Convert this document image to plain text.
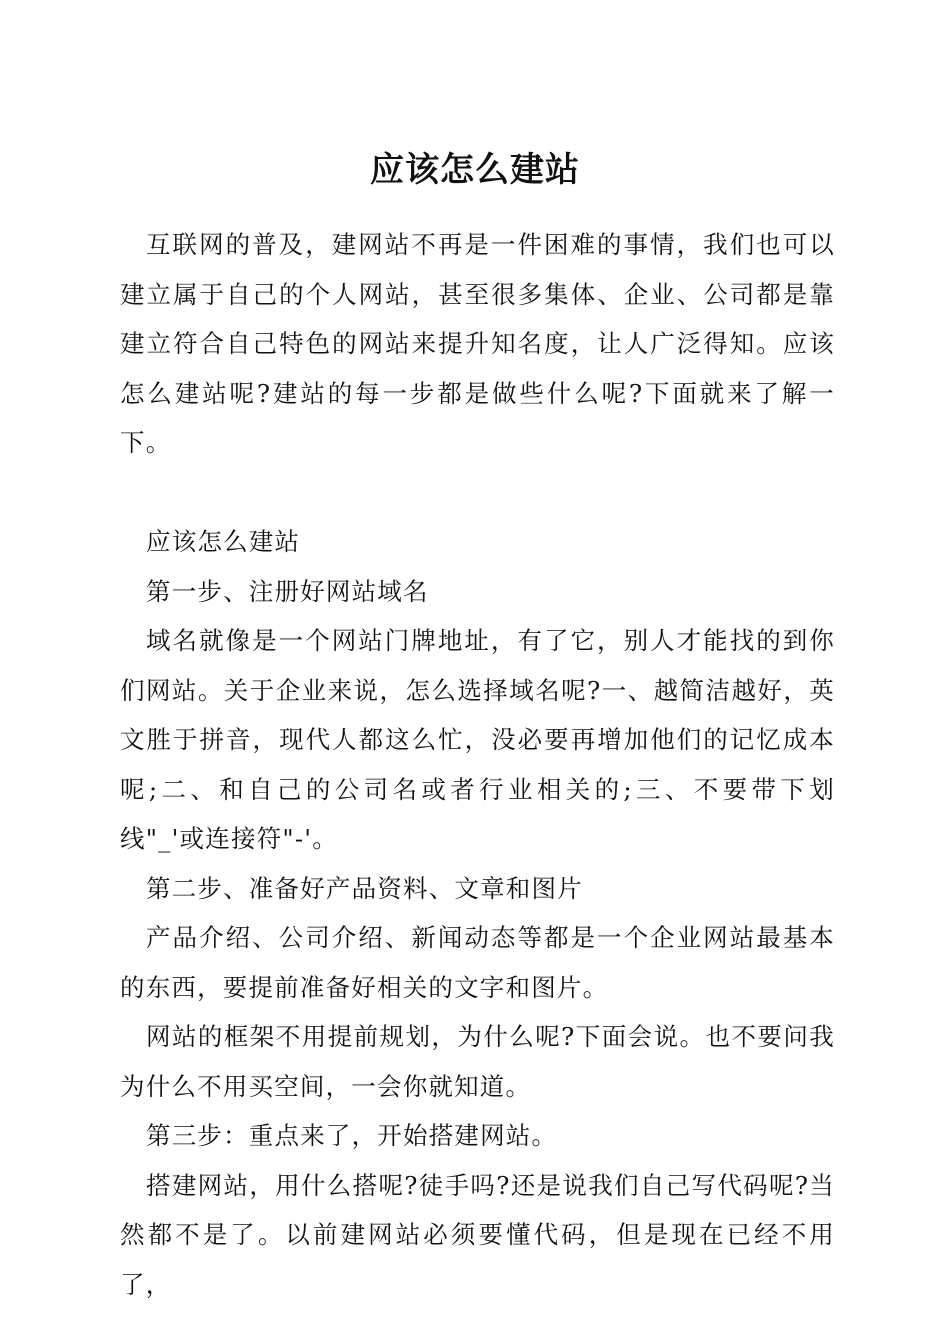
应该怎么建站

互联网的普及，建网站不再是一件困难的事情，我们也可以建立属于自己的个人网站，甚至很多集体、企业、公司都是靠建立符合自己特色的网站来提升知名度，让人广泛得知。应该怎么建站呢?建站的每一步都是做些什么呢?下面就来了解一下。

应该怎么建站

第一步、注册好网站域名

域名就像是一个网站门牌地址，有了它，别人才能找的到你们网站。关于企业来说，怎么选择域名呢?一、越简洁越好，英文胜于拼音，现代人都这么忙，没必要再增加他们的记忆成本呢;二、和自己的公司名或者行业相关的;三、不要带下划线"_'或连接符"-'。

第二步、准备好产品资料、文章和图片

产品介绍、公司介绍、新闻动态等都是一个企业网站最基本的东西，要提前准备好相关的文字和图片。

网站的框架不用提前规划，为什么呢?下面会说。也不要问我为什么不用买空间，一会你就知道。

第三步：重点来了，开始搭建网站。

搭建网站，用什么搭呢?徒手吗?还是说我们自己写代码呢?当然都不是了。以前建网站必须要懂代码，但是现在已经不用了，
